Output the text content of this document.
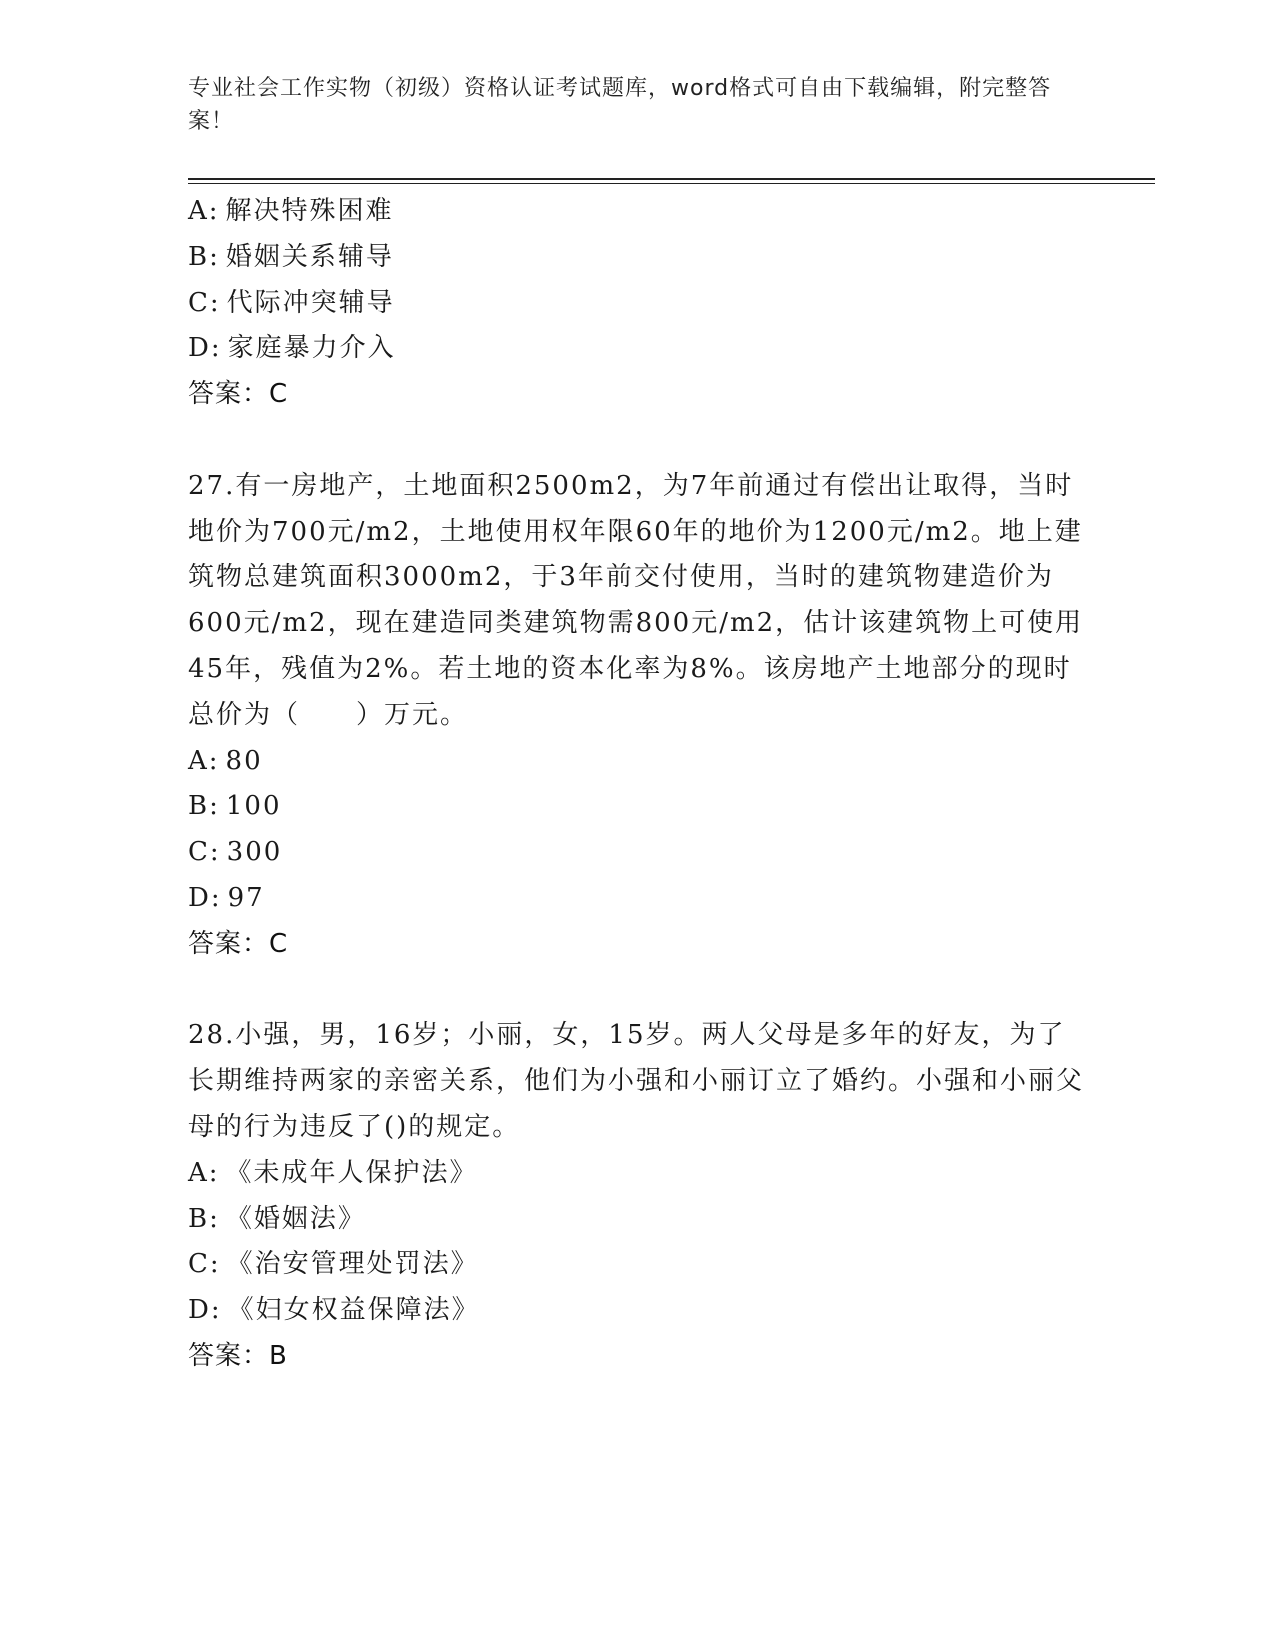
专业社会工作实物（初级）资格认证考试题库，word格式可自由下载编辑，附完整答案！
A: 解决特殊困难
B: 婚姻关系辅导
C: 代际冲突辅导
D: 家庭暴力介入
答案：C
27.有一房地产，土地面积2500m2，为7年前通过有偿出让取得，当时地价为700元/m2，土地使用权年限60年的地价为1200元/m2。地上建筑物总建筑面积3000m2，于3年前交付使用，当时的建筑物建造价为600元/m2，现在建造同类建筑物需800元/m2，估计该建筑物上可使用45年，残值为2%。若土地的资本化率为8%。该房地产土地部分的现时总价为（　　）万元。
A: 80
B: 100
C: 300
D: 97
答案：C
28.小强，男，16岁；小丽，女，15岁。两人父母是多年的好友，为了长期维持两家的亲密关系，他们为小强和小丽订立了婚约。小强和小丽父母的行为违反了()的规定。
A: 《未成年人保护法》
B: 《婚姻法》
C: 《治安管理处罚法》
D: 《妇女权益保障法》
答案：B
